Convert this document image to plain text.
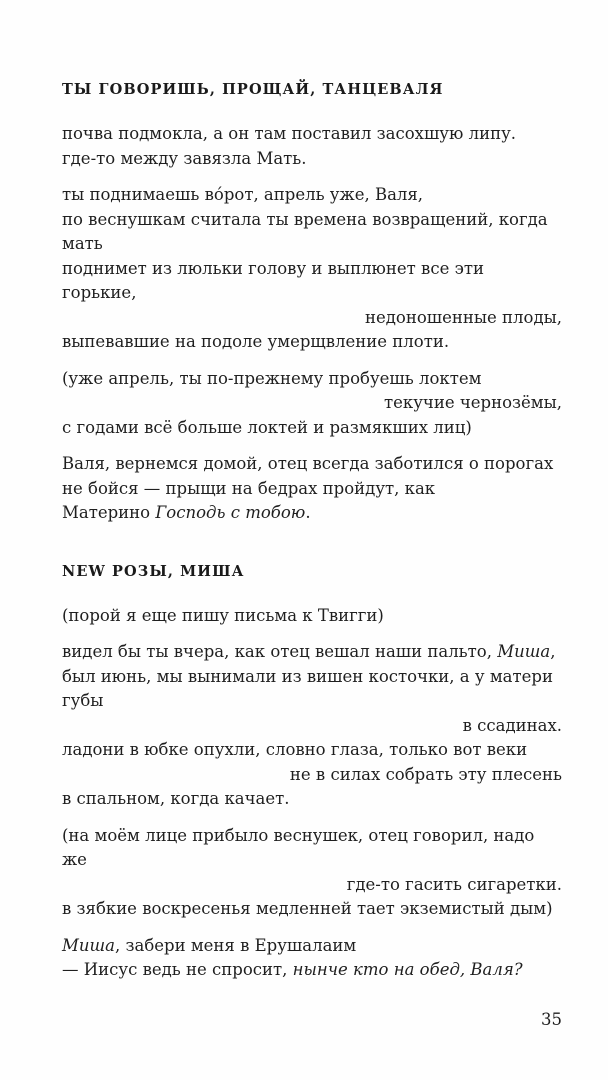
ТЫ ГОВОРИШЬ, ПРОЩАЙ, ТАНЦЕВАЛЯ

почва подмокла, а он там поставил засохшую липу.

где-то между завязла Мать.

ты поднимаешь во́рот, апрель уже, Валя,

по веснушкам считала ты времена возвращений, когда мать

поднимет из люльки голову и выплюнет все эти горькие,

недоношенные плоды,

выпевавшие на подоле умерщвление плоти.

(уже апрель, ты по-прежнему пробуешь локтем

текучие чернозёмы,

с годами всё больше локтей и размякших лиц)

Валя, вернемся домой, отец всегда заботился о порогах

не бойся — прыщи на бедрах пройдут, как

Материно Господь с тобою.

NEW РОЗЫ, МИША

(порой я еще пишу письма к Твигги)

видел бы ты вчера, как отец вешал наши пальто, Миша,

был июнь, мы вынимали из вишен косточки, а у матери губы

в ссадинах.

ладони в юбке опухли, словно глаза, только вот веки

не в силах собрать эту плесень

в спальном, когда качает.

(на моём лице прибыло веснушек, отец говорил, надо же

где-то гасить сигаретки.

в зябкие воскресенья медленней тает экземистый дым)

Миша, забери меня в Ерушалаим

— Иисус ведь не спросит, нынче кто на обед, Валя?

35
